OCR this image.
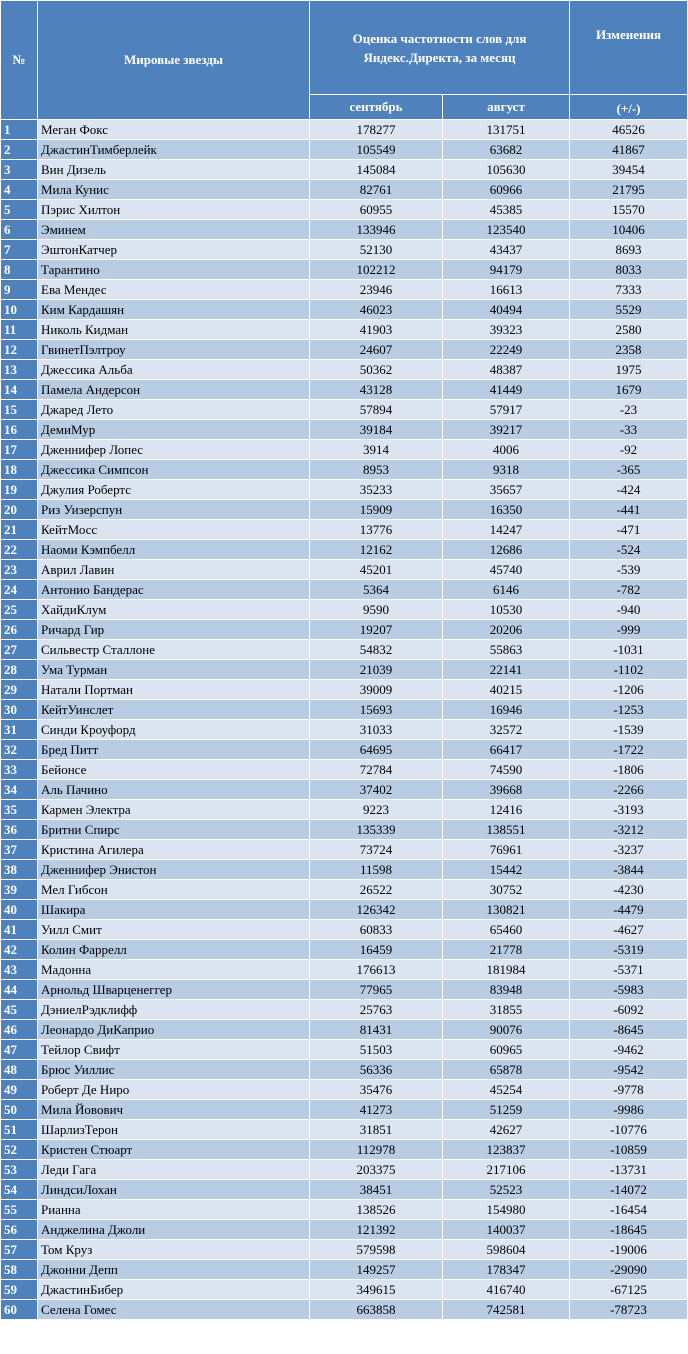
№	Мировые звезды	Оценка частотности слов для Яндекс.Директа, за месяц		Изменения
		сентябрь	август	(+/-)
1	Меган Фокс	178277	131751	46526
2	ДжастинТимберлейк	105549	63682	41867
3	Вин Дизель	145084	105630	39454
4	Мила Кунис	82761	60966	21795
5	Пэрис Хилтон	60955	45385	15570
6	Эминем	133946	123540	10406
7	ЭштонКатчер	52130	43437	8693
8	Тарантино	102212	94179	8033
9	Ева Мендес	23946	16613	7333
10	Ким Кардашян	46023	40494	5529
11	Николь Кидман	41903	39323	2580
12	ГвинетПэлтроу	24607	22249	2358
13	Джессика Альба	50362	48387	1975
14	Памела Андерсон	43128	41449	1679
15	Джаред Лето	57894	57917	-23
16	ДемиМур	39184	39217	-33
17	Дженнифер Лопес	3914	4006	-92
18	Джессика Симпсон	8953	9318	-365
19	Джулия Робертс	35233	35657	-424
20	Риз Уизерспун	15909	16350	-441
21	КейтМосс	13776	14247	-471
22	Наоми Кэмпбелл	12162	12686	-524
23	Аврил Лавин	45201	45740	-539
24	Антонио Бандерас	5364	6146	-782
25	ХайдиКлум	9590	10530	-940
26	Ричард Гир	19207	20206	-999
27	Сильвестр Сталлоне	54832	55863	-1031
28	Ума Турман	21039	22141	-1102
29	Натали Портман	39009	40215	-1206
30	КейтУинслет	15693	16946	-1253
31	Синди Кроуфорд	31033	32572	-1539
32	Бред Питт	64695	66417	-1722
33	Бейонсе	72784	74590	-1806
34	Аль Пачино	37402	39668	-2266
35	Кармен Электра	9223	12416	-3193
36	Бритни Спирс	135339	138551	-3212
37	Кристина Агилера	73724	76961	-3237
38	Дженнифер Энистон	11598	15442	-3844
39	Мел Гибсон	26522	30752	-4230
40	Шакира	126342	130821	-4479
41	Уилл Смит	60833	65460	-4627
42	Колин Фаррелл	16459	21778	-5319
43	Мадонна	176613	181984	-5371
44	Арнольд Шварценеггер	77965	83948	-5983
45	ДэниелРэдклифф	25763	31855	-6092
46	Леонардо ДиКаприо	81431	90076	-8645
47	Тейлор Свифт	51503	60965	-9462
48	Брюс Уиллис	56336	65878	-9542
49	Роберт Де Ниро	35476	45254	-9778
50	Мила Йовович	41273	51259	-9986
51	ШарлизТерон	31851	42627	-10776
52	Кристен Стюарт	112978	123837	-10859
53	Леди Гага	203375	217106	-13731
54	ЛиндсиЛохан	38451	52523	-14072
55	Рианна	138526	154980	-16454
56	Анджелина Джоли	121392	140037	-18645
57	Том Круз	579598	598604	-19006
58	Джонни Депп	149257	178347	-29090
59	ДжастинБибер	349615	416740	-67125
60	Селена Гомес	663858	742581	-78723
